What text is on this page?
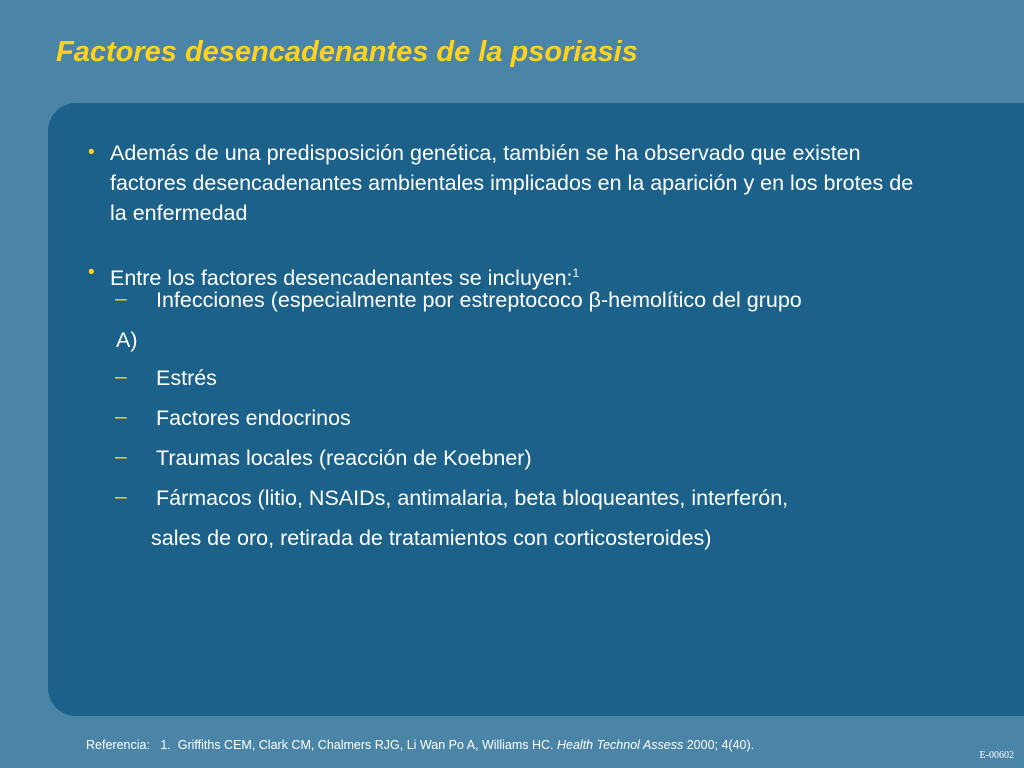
Factores desencadenantes de la psoriasis
• Además de una predisposición genética, también se ha observado que existen factores desencadenantes ambientales implicados en la aparición y en los brotes de la enfermedad
• Entre los factores desencadenantes se incluyen:$^1$
– Infecciones (especialmente por estreptococo β-hemolítico del grupo
A)
– Estrés
– Factores endocrinos
– Traumas locales (reacción de Koebner)
– Fármacos (litio, NSAIDs, antimalaria, beta bloqueantes, interferón,
sales de oro, retirada de tratamientos con corticosteroides)
Referencia: 1. Griffiths CEM, Clark CM, Chalmers RJG, Li Wan Po A, Williams HC. Health Technol Assess 2000; 4(40).
E-00602
